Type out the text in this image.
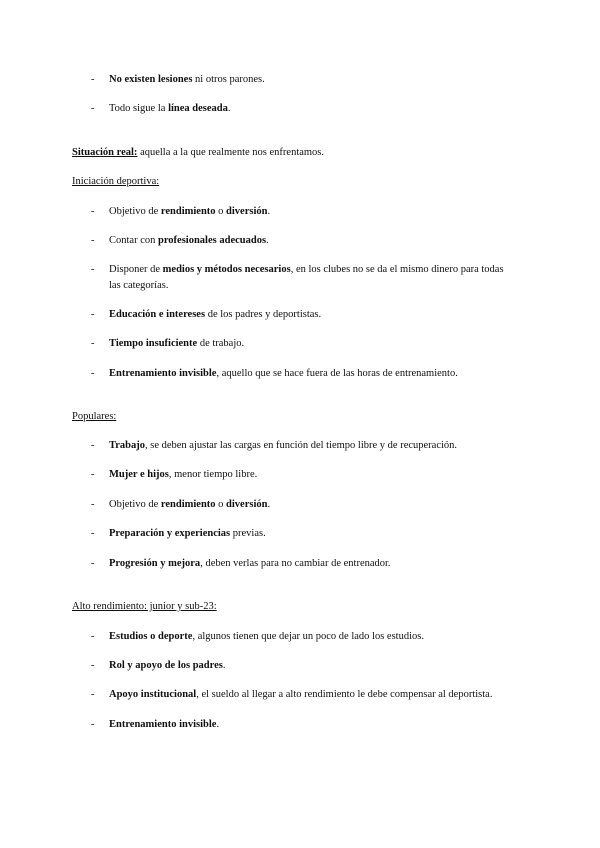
- No existen lesiones ni otros parones.
- Todo sigue la línea deseada.
Situación real: aquella a la que realmente nos enfrentamos.
Iniciación deportiva:
- Objetivo de rendimiento o diversión.
- Contar con profesionales adecuados.
- Disponer de medios y métodos necesarios, en los clubes no se da el mismo dinero para todas
las categorías.
- Educación e intereses de los padres y deportistas.
- Tiempo insuficiente de trabajo.
- Entrenamiento invisible, aquello que se hace fuera de las horas de entrenamiento.
Populares:
- Trabajo, se deben ajustar las cargas en función del tiempo libre y de recuperación.
- Mujer e hijos, menor tiempo libre.
- Objetivo de rendimiento o diversión.
- Preparación y experiencias previas.
- Progresión y mejora, deben verlas para no cambiar de entrenador.
Alto rendimiento: junior y sub-23:
- Estudios o deporte, algunos tienen que dejar un poco de lado los estudios.
- Rol y apoyo de los padres.
- Apoyo institucional, el sueldo al llegar a alto rendimiento le debe compensar al deportista.
- Entrenamiento invisible.
